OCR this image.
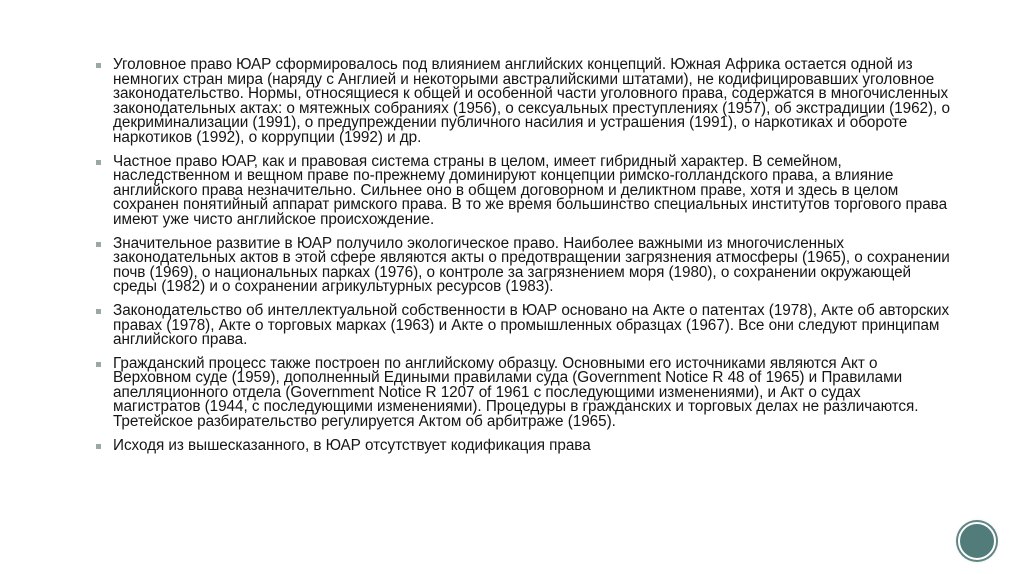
Уголовное право ЮАР сформировалось под влиянием английских концепций. Южная Африка остается одной из немногих стран мира (наряду с Англией и некоторыми австралийскими штатами), не кодифицировавших уголовное законодательство. Нормы, относящиеся к общей и особенной части уголовного права, содержатся в многочисленных законодательных актах: о мятежных собраниях (1956), о сексуальных преступлениях (1957), об экстрадиции (1962), о декриминализации (1991), о предупреждении публичного насилия и устрашения (1991), о наркотиках и обороте наркотиков (1992), о коррупции (1992) и др.
Частное право ЮАР, как и правовая система страны в целом, имеет гибридный характер. В семейном, наследственном и вещном праве по-прежнему доминируют концепции римско-голландского права, а влияние английского права незначительно. Сильнее оно в общем договорном и деликтном праве, хотя и здесь в целом сохранен понятийный аппарат римского права. В то же время большинство специальных институтов торгового права имеют уже чисто английское происхождение.
Значительное развитие в ЮАР получило экологическое право. Наиболее важными из многочисленных законодательных актов в этой сфере являются акты о предотвращении загрязнения атмосферы (1965), о сохранении почв (1969), о национальных парках (1976), о контроле за загрязнением моря (1980), о сохранении окружающей среды (1982) и о сохранении агрикультурных ресурсов (1983).
Законодательство об интеллектуальной собственности в ЮАР основано на Акте о патентах (1978), Акте об авторских правах (1978), Акте о торговых марках (1963) и Акте о промышленных образцах (1967). Все они следуют принципам английского права.
Гражданский процесс также построен по английскому образцу. Основными его источниками являются Акт о Верховном суде (1959), дополненный Едиными правилами суда (Government Notice R 48 of 1965) и Правилами апелляционного отдела (Government Notice R 1207 of 1961 с последующими изменениями), и Акт о судах магистратов (1944, с последующими изменениями). Процедуры в гражданских и торговых делах не различаются. Третейское разбирательство регулируется Актом об арбитраже (1965).
Исходя из вышесказанного, в ЮАР отсутствует кодификация права
